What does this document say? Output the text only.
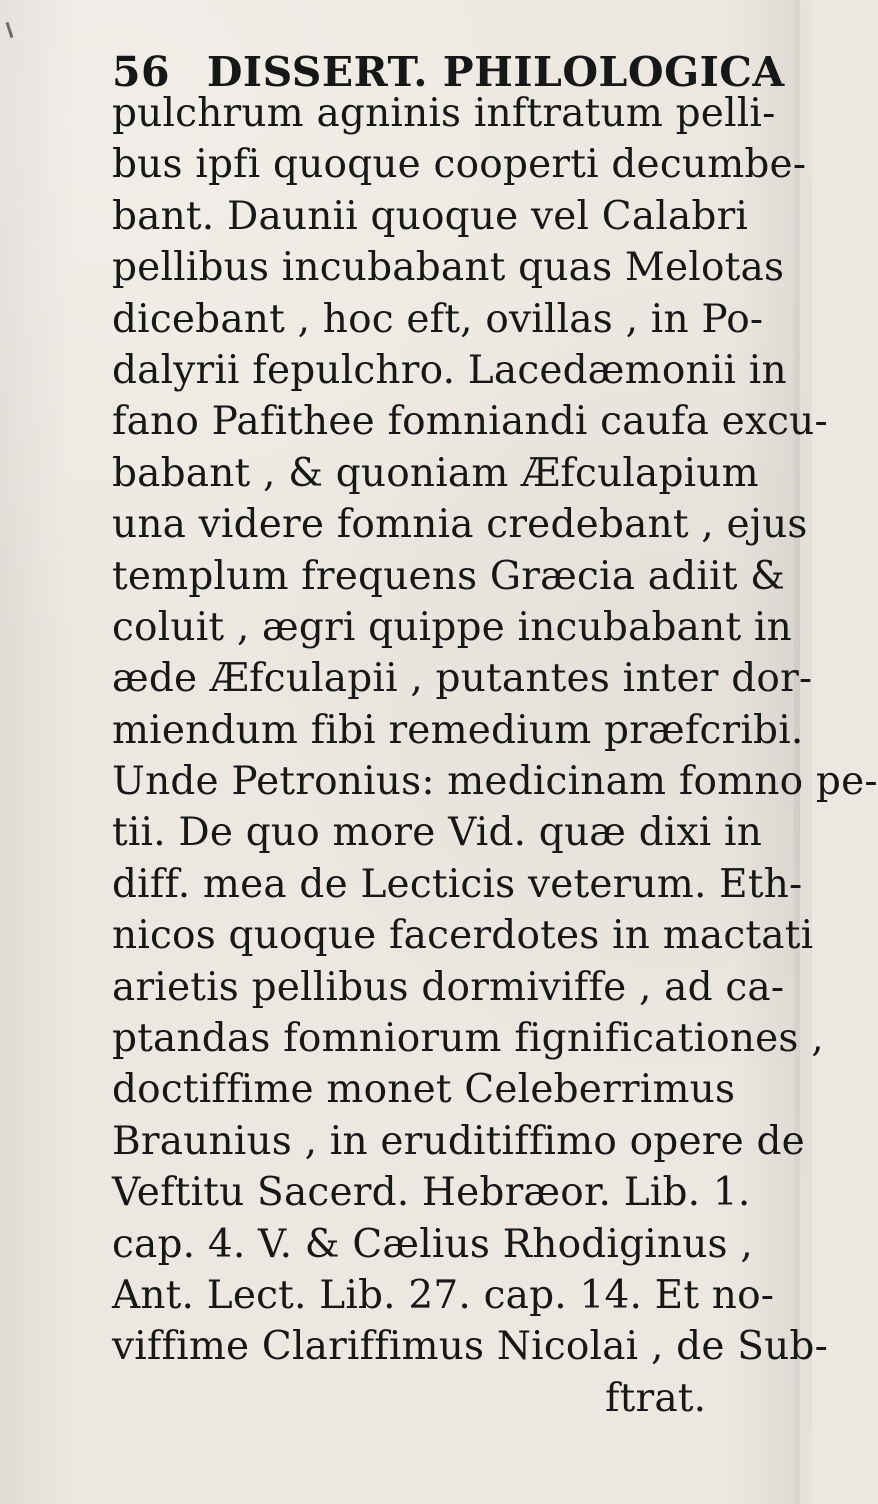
56 DISSERT. PHILOLOGICA
pulchrum agninis inftratum pelli-
bus ipfi quoque cooperti decumbe-
bant. Daunii quoque vel Calabri
pellibus incubabant quas Melotas
dicebant , hoc eft, ovillas , in Po-
dalyrii fepulchro. Lacedæmonii in
fano Pafithee fomniandi caufa excu-
babant , & quoniam Æfculapium
una videre fomnia credebant , ejus
templum frequens Græcia adiit &
coluit , ægri quippe incubabant in
æde Æfculapii , putantes inter dor-
miendum fibi remedium præfcribi.
Unde Petronius: medicinam fomno pe-
tii. De quo more Vid. quæ dixi in
diff. mea de Lecticis veterum. Eth-
nicos quoque facerdotes in mactati
arietis pellibus dormiviffe , ad ca-
ptandas fomniorum fignificationes ,
doctiffime monet Celeberrimus
Braunius , in eruditiffimo opere de
Veftitu Sacerd. Hebræor. Lib. 1.
cap. 4. V. & Cælius Rhodiginus ,
Ant. Lect. Lib. 27. cap. 14. Et no-
viffime Clariffimus Nicolai , de Sub-
ftrat.
